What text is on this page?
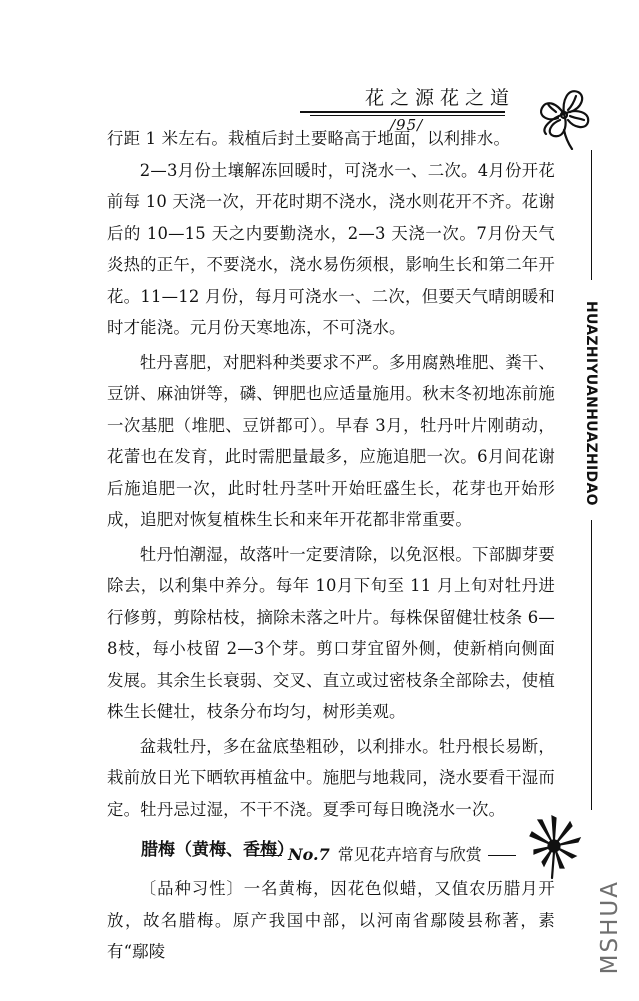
花之源花之道
/95/
HUAZHIYUANHUAZHIDAO

行距 1 米左右。栽植后封土要略高于地面，以利排水。

2—3月份土壤解冻回暖时，可浇水一、二次。4月份开花前每 10 天浇一次，开花时期不浇水，浇水则花开不齐。花谢后的 10—15 天之内要勤浇水，2—3 天浇一次。7月份天气炎热的正午，不要浇水，浇水易伤须根，影响生长和第二年开花。11—12 月份，每月可浇水一、二次，但要天气晴朗暖和时才能浇。元月份天寒地冻，不可浇水。

牡丹喜肥，对肥料种类要求不严。多用腐熟堆肥、粪干、豆饼、麻油饼等，磷、钾肥也应适量施用。秋末冬初地冻前施一次基肥（堆肥、豆饼都可）。早春 3月，牡丹叶片刚萌动，花蕾也在发育，此时需肥量最多，应施追肥一次。6月间花谢后施追肥一次，此时牡丹茎叶开始旺盛生长，花芽也开始形成，追肥对恢复植株生长和来年开花都非常重要。

牡丹怕潮湿，故落叶一定要清除，以免沤根。下部脚芽要除去，以利集中养分。每年 10月下旬至 11 月上旬对牡丹进行修剪，剪除枯枝，摘除未落之叶片。每株保留健壮枝条 6—8枝，每小枝留 2—3个芽。剪口芽宜留外侧，使新梢向侧面发展。其余生长衰弱、交叉、直立或过密枝条全部除去，使植株生长健壮，枝条分布均匀，树形美观。

盆栽牡丹，多在盆底垫粗砂，以利排水。牡丹根长易断，栽前放日光下晒软再植盆中。施肥与地栽同，浇水要看干湿而定。牡丹忌过湿，不干不浇。夏季可每日晚浇水一次。

腊梅（黄梅、香梅）

〔品种习性〕一名黄梅，因花色似蜡，又值农历腊月开放，故名腊梅。原产我国中部，以河南省鄢陵县称著，素有“鄢陵

No.7 常见花卉培育与欣赏
MSHUA
